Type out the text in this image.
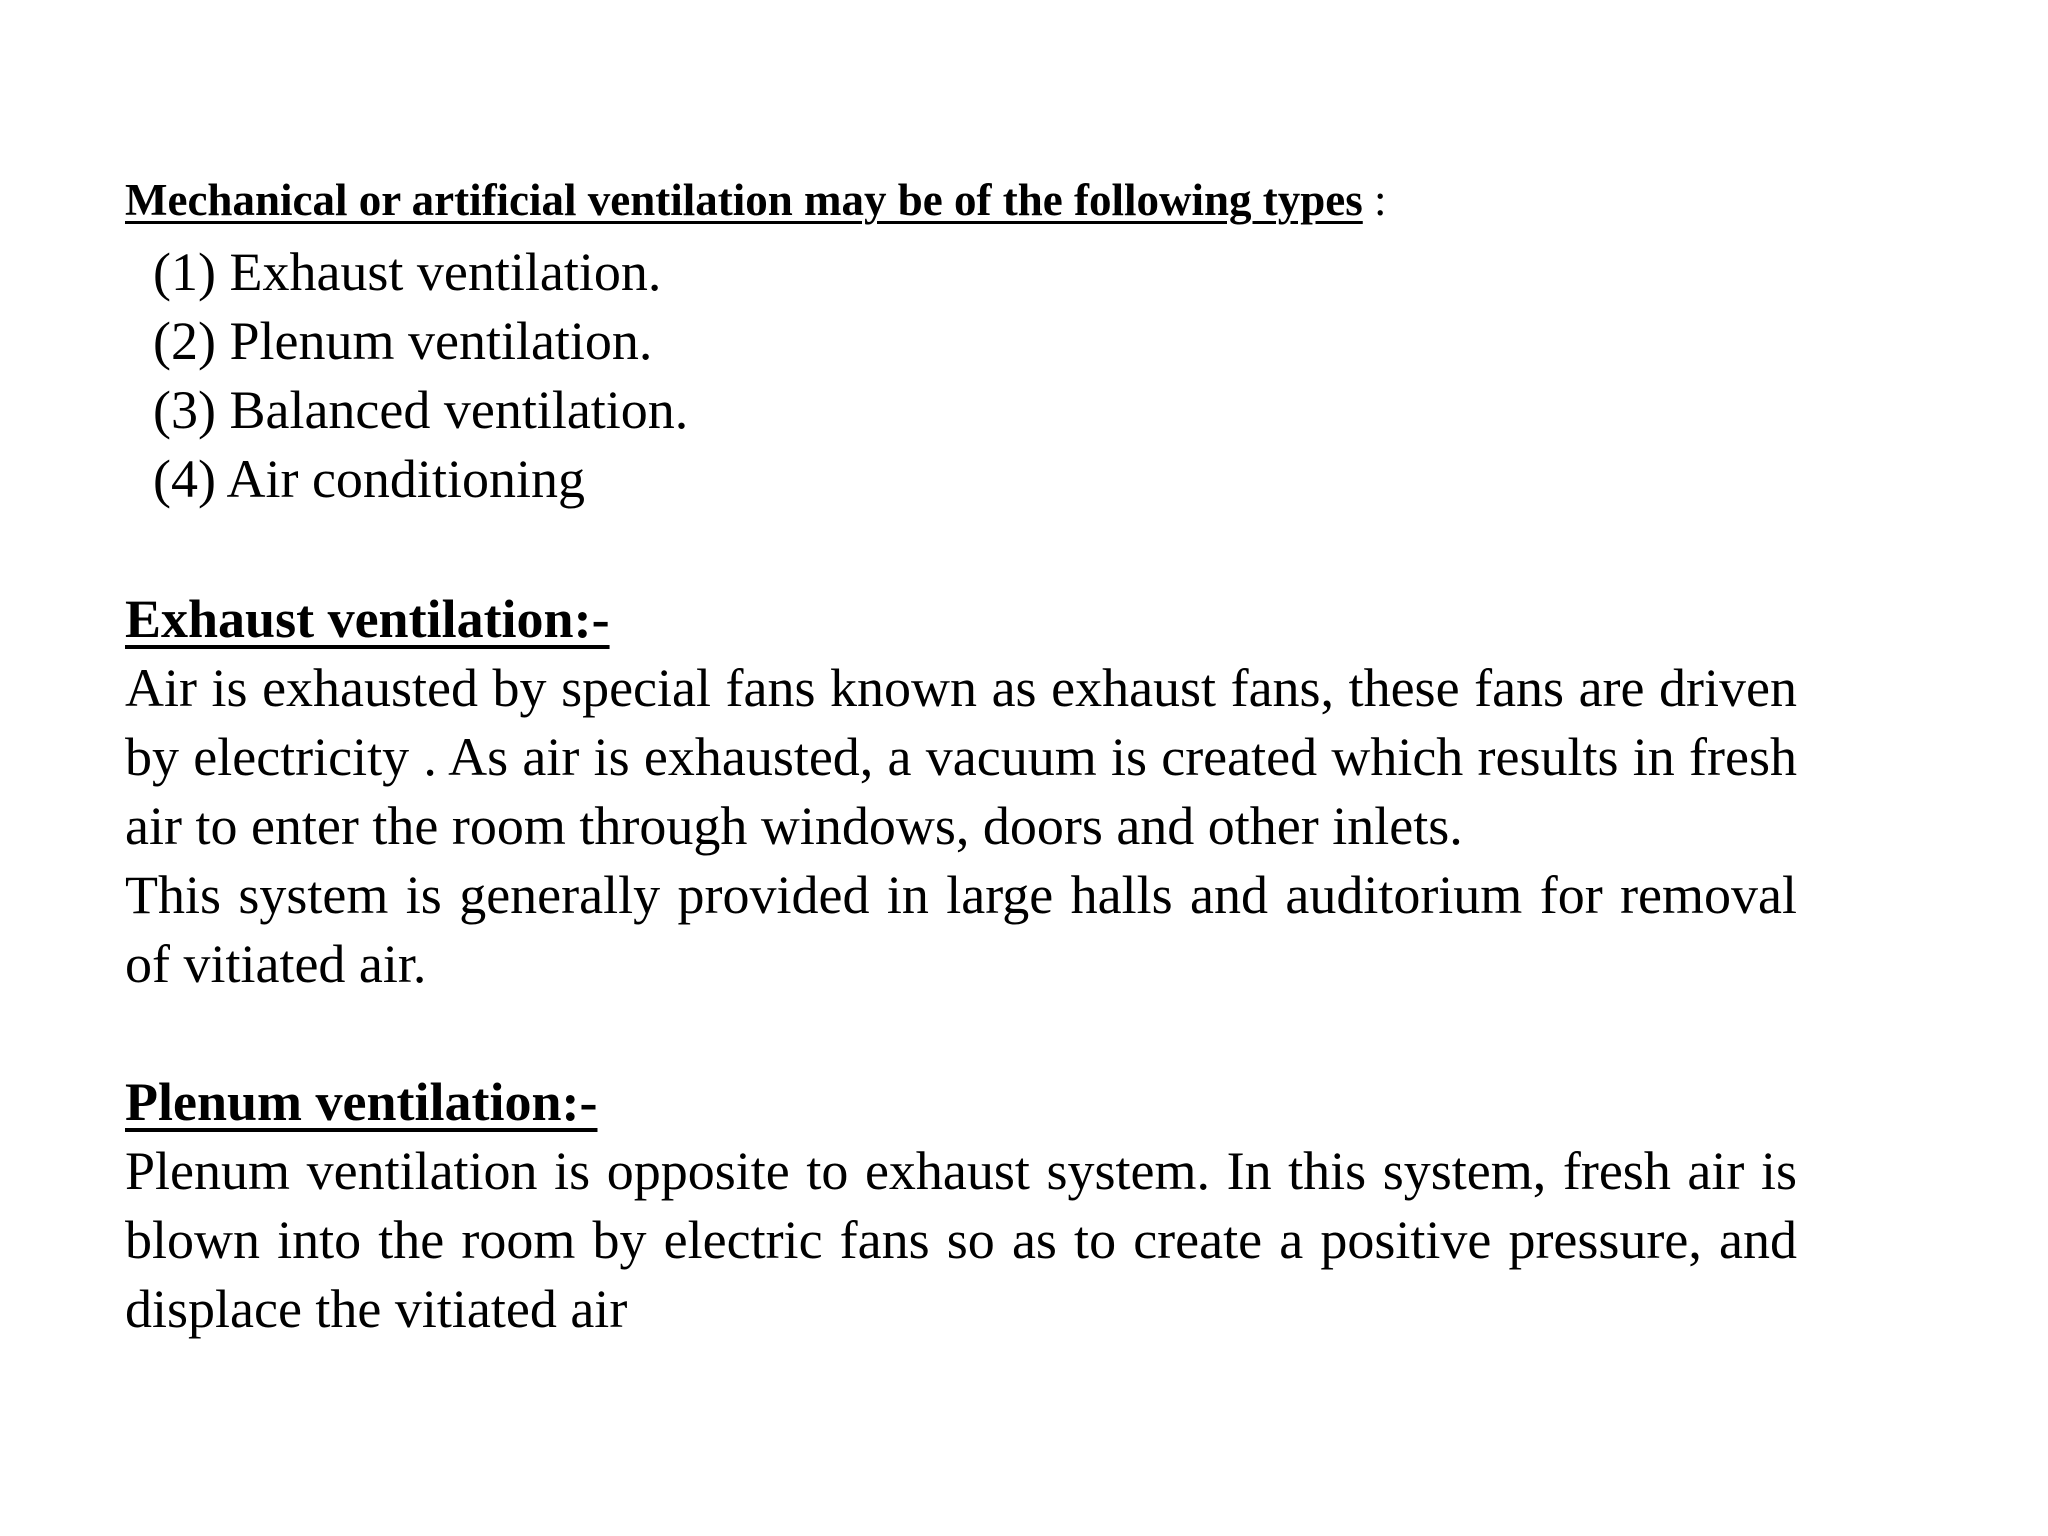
Mechanical or artificial ventilation may be of the following types :

(1) Exhaust ventilation.
(2) Plenum ventilation.
(3) Balanced ventilation.
(4) Air conditioning
Exhaust ventilation:-

Air is exhausted by special fans known as exhaust fans, these fans are driven by electricity . As air is exhausted, a vacuum is created which results in fresh air to enter the room through windows, doors and other inlets.

This system is generally provided in large halls and auditorium for removal of vitiated air.

Plenum ventilation:-

Plenum ventilation is opposite to exhaust system. In this system, fresh air is blown into the room by electric fans so as to create a positive pressure, and displace the vitiated air
